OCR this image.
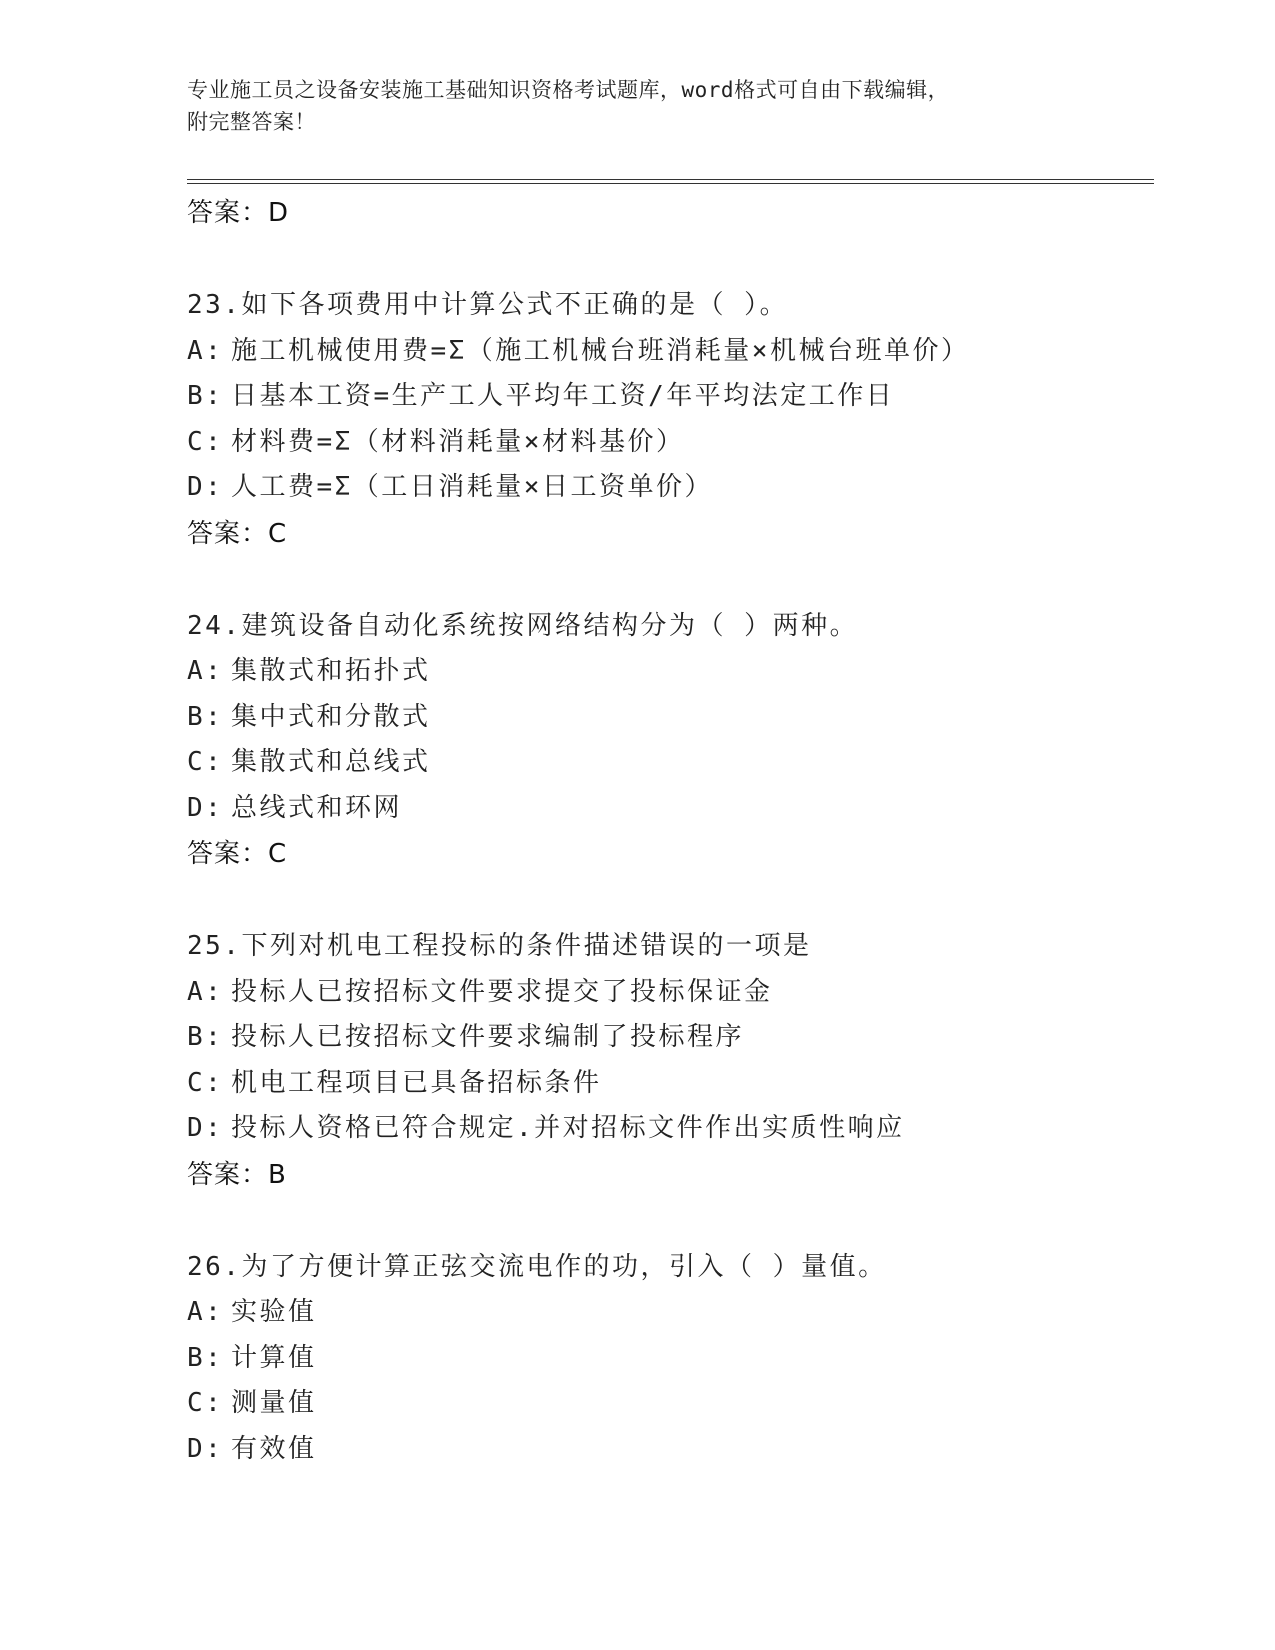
专业施工员之设备安装施工基础知识资格考试题库，word格式可自由下载编辑，
附完整答案！
答案：D
23.如下各项费用中计算公式不正确的是（ ）。
A: 施工机械使用费=Σ（施工机械台班消耗量×机械台班单价）
B: 日基本工资=生产工人平均年工资/年平均法定工作日
C: 材料费=Σ（材料消耗量×材料基价）
D: 人工费=Σ（工日消耗量×日工资单价）
答案：C
24.建筑设备自动化系统按网络结构分为（ ）两种。
A: 集散式和拓扑式
B: 集中式和分散式
C: 集散式和总线式
D: 总线式和环网
答案：C
25.下列对机电工程投标的条件描述错误的一项是
A: 投标人已按招标文件要求提交了投标保证金
B: 投标人已按招标文件要求编制了投标程序
C: 机电工程项目已具备招标条件
D: 投标人资格已符合规定.并对招标文件作出实质性响应
答案：B
26.为了方便计算正弦交流电作的功，引入（ ）量值。
A: 实验值
B: 计算值
C: 测量值
D: 有效值
